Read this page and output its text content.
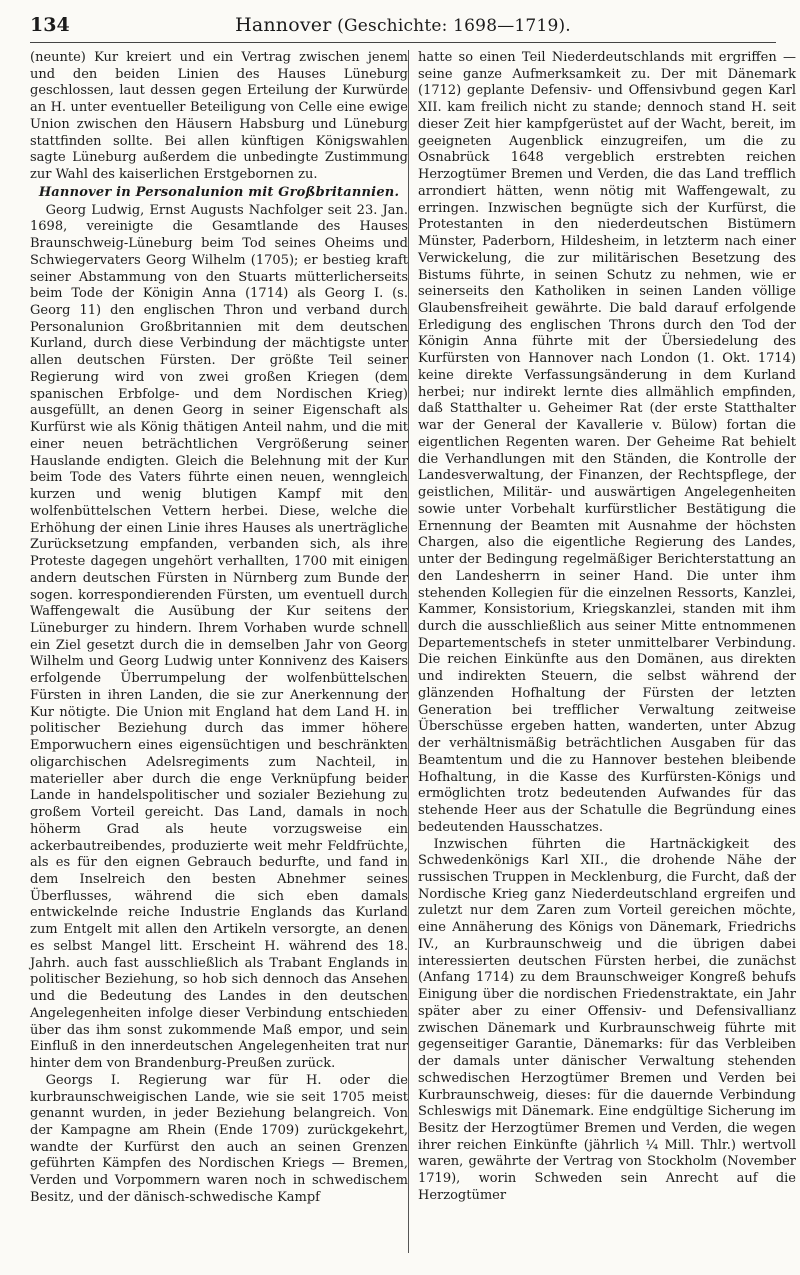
134	Hannover (Geschichte: 1698—1719).

(neunte) Kur kreiert und ein Vertrag zwischen jenem und den beiden Linien des Hauses Lüneburg geschlossen, laut dessen gegen Erteilung der Kurwürde an H. unter eventueller Beteiligung von Celle eine ewige Union zwischen den Häusern Habsburg und Lüneburg stattfinden sollte. Bei allen künftigen Königswahlen sagte Lüneburg außerdem die unbedingte Zustimmung zur Wahl des kaiserlichen Erstgebornen zu.

Hannover in Personalunion mit Großbritannien.

Georg Ludwig, Ernst Augusts Nachfolger seit 23. Jan. 1698, vereinigte die Gesamtlande des Hauses Braunschweig-Lüneburg beim Tod seines Oheims und Schwiegervaters Georg Wilhelm (1705); er bestieg kraft seiner Abstammung von den Stuarts mütterlicherseits beim Tode der Königin Anna (1714) als Georg I. (s. Georg 11) den englischen Thron und verband durch Personalunion Großbritannien mit dem deutschen Kurland, durch diese Verbindung der mächtigste unter allen deutschen Fürsten. Der größte Teil seiner Regierung wird von zwei großen Kriegen (dem spanischen Erbfolge- und dem Nordischen Krieg) ausgefüllt, an denen Georg in seiner Eigenschaft als Kurfürst wie als König thätigen Anteil nahm, und die mit einer neuen beträchtlichen Vergrößerung seiner Hauslande endigten. Gleich die Belehnung mit der Kur beim Tode des Vaters führte einen neuen, wenngleich kurzen und wenig blutigen Kampf mit den wolfenbüttelschen Vettern herbei. Diese, welche die Erhöhung der einen Linie ihres Hauses als unerträgliche Zurücksetzung empfanden, verbanden sich, als ihre Proteste dagegen ungehört verhallten, 1700 mit einigen andern deutschen Fürsten in Nürnberg zum Bunde der sogen. korrespondierenden Fürsten, um eventuell durch Waffengewalt die Ausübung der Kur seitens der Lüneburger zu hindern. Ihrem Vorhaben wurde schnell ein Ziel gesetzt durch die in demselben Jahr von Georg Wilhelm und Georg Ludwig unter Konnivenz des Kaisers erfolgende Überrumpelung der wolfenbüttelschen Fürsten in ihren Landen, die sie zur Anerkennung der Kur nötigte. Die Union mit England hat dem Land H. in politischer Beziehung durch das immer höhere Emporwuchern eines eigensüchtigen und beschränkten oligarchischen Adelsregiments zum Nachteil, in materieller aber durch die enge Verknüpfung beider Lande in handelspolitischer und sozialer Beziehung zu großem Vorteil gereicht. Das Land, damals in noch höherm Grad als heute vorzugsweise ein ackerbautreibendes, produzierte weit mehr Feldfrüchte, als es für den eignen Gebrauch bedurfte, und fand in dem Inselreich den besten Abnehmer seines Überflusses, während die sich eben damals entwickelnde reiche Industrie Englands das Kurland zum Entgelt mit allen den Artikeln versorgte, an denen es selbst Mangel litt. Erscheint H. während des 18. Jahrh. auch fast ausschließlich als Trabant Englands in politischer Beziehung, so hob sich dennoch das Ansehen und die Bedeutung des Landes in den deutschen Angelegenheiten infolge dieser Verbindung entschieden über das ihm sonst zukommende Maß empor, und sein Einfluß in den innerdeutschen Angelegenheiten trat nur hinter dem von Brandenburg-Preußen zurück.

Georgs I. Regierung war für H. oder die kurbraunschweigischen Lande, wie sie seit 1705 meist genannt wurden, in jeder Beziehung belangreich. Von der Kampagne am Rhein (Ende 1709) zurückgekehrt, wandte der Kurfürst den auch an seinen Grenzen geführten Kämpfen des Nordischen Kriegs — Bremen, Verden und Vorpommern waren noch in schwedischem Besitz, und der dänisch-schwedische Kampf

hatte so einen Teil Niederdeutschlands mit ergriffen — seine ganze Aufmerksamkeit zu. Der mit Dänemark (1712) geplante Defensiv- und Offensivbund gegen Karl XII. kam freilich nicht zu stande; dennoch stand H. seit dieser Zeit hier kampfgerüstet auf der Wacht, bereit, im geeigneten Augenblick einzugreifen, um die zu Osnabrück 1648 vergeblich erstrebten reichen Herzogtümer Bremen und Verden, die das Land trefflich arrondiert hätten, wenn nötig mit Waffengewalt, zu erringen. Inzwischen begnügte sich der Kurfürst, die Protestanten in den niederdeutschen Bistümern Münster, Paderborn, Hildesheim, in letzterm nach einer Verwickelung, die zur militärischen Besetzung des Bistums führte, in seinen Schutz zu nehmen, wie er seinerseits den Katholiken in seinen Landen völlige Glaubensfreiheit gewährte. Die bald darauf erfolgende Erledigung des englischen Throns durch den Tod der Königin Anna führte mit der Übersiedelung des Kurfürsten von Hannover nach London (1. Okt. 1714) keine direkte Verfassungsänderung in dem Kurland herbei; nur indirekt lernte dies allmählich empfinden, daß Statthalter u. Geheimer Rat (der erste Statthalter war der General der Kavallerie v. Bülow) fortan die eigentlichen Regenten waren. Der Geheime Rat behielt die Verhandlungen mit den Ständen, die Kontrolle der Landesverwaltung, der Finanzen, der Rechtspflege, der geistlichen, Militär- und auswärtigen Angelegenheiten sowie unter Vorbehalt kurfürstlicher Bestätigung die Ernennung der Beamten mit Ausnahme der höchsten Chargen, also die eigentliche Regierung des Landes, unter der Bedingung regelmäßiger Berichterstattung an den Landesherrn in seiner Hand. Die unter ihm stehenden Kollegien für die einzelnen Ressorts, Kanzlei, Kammer, Konsistorium, Kriegskanzlei, standen mit ihm durch die ausschließlich aus seiner Mitte entnommenen Departementschefs in steter unmittelbarer Verbindung. Die reichen Einkünfte aus den Domänen, aus direkten und indirekten Steuern, die selbst während der glänzenden Hofhaltung der Fürsten der letzten Generation bei trefflicher Verwaltung zeitweise Überschüsse ergeben hatten, wanderten, unter Abzug der verhältnismäßig beträchtlichen Ausgaben für das Beamtentum und die zu Hannover bestehen bleibende Hofhaltung, in die Kasse des Kurfürsten-Königs und ermöglichten trotz bedeutenden Aufwandes für das stehende Heer aus der Schatulle die Begründung eines bedeutenden Hausschatzes.

Inzwischen führten die Hartnäckigkeit des Schwedenkönigs Karl XII., die drohende Nähe der russischen Truppen in Mecklenburg, die Furcht, daß der Nordische Krieg ganz Niederdeutschland ergreifen und zuletzt nur dem Zaren zum Vorteil gereichen möchte, eine Annäherung des Königs von Dänemark, Friedrichs IV., an Kurbraunschweig und die übrigen dabei interessierten deutschen Fürsten herbei, die zunächst (Anfang 1714) zu dem Braunschweiger Kongreß behufs Einigung über die nordischen Friedenstraktate, ein Jahr später aber zu einer Offensiv- und Defensivallianz zwischen Dänemark und Kurbraunschweig führte mit gegenseitiger Garantie, Dänemarks: für das Verbleiben der damals unter dänischer Verwaltung stehenden schwedischen Herzogtümer Bremen und Verden bei Kurbraunschweig, dieses: für die dauernde Verbindung Schleswigs mit Dänemark. Eine endgültige Sicherung im Besitz der Herzogtümer Bremen und Verden, die wegen ihrer reichen Einkünfte (jährlich ¼ Mill. Thlr.) wertvoll waren, gewährte der Vertrag von Stockholm (November 1719), worin Schweden sein Anrecht auf die Herzogtümer
